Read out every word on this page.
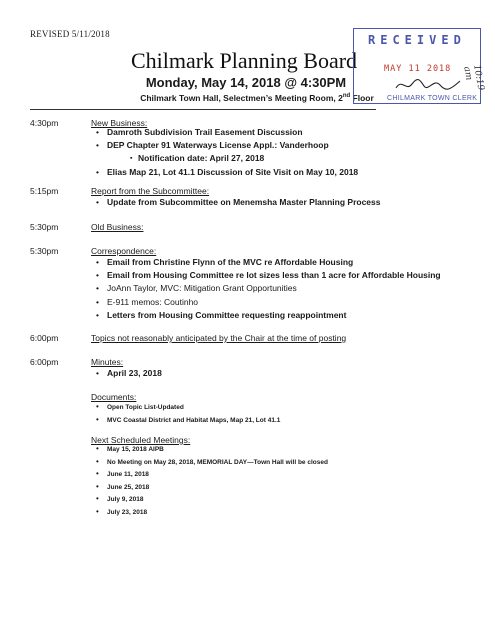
REVISED 5/11/2018
Chilmark Planning Board
Monday, May 14, 2018 @ 4:30PM
Chilmark Town Hall, Selectmen’s Meeting Room, 2nd Floor
RECEIVED
MAY 11 2018
CHILMARK TOWN CLERK
10:19 am
4:30pm	New Business:
• Damroth Subdivision Trail Easement Discussion
• DEP Chapter 91 Waterways License Appl.: Vanderhoop
▪ Notification date: April 27, 2018
• Elias Map 21, Lot 41.1 Discussion of Site Visit on May 10, 2018
5:15pm	Report from the Subcommittee:
• Update from Subcommittee on Menemsha Master Planning Process
5:30pm	Old Business:
5:30pm	Correspondence:
• Email from Christine Flynn of the MVC re Affordable Housing
• Email from Housing Committee re lot sizes less than 1 acre for Affordable Housing
• JoAnn Taylor, MVC: Mitigation Grant Opportunities
• E-911 memos: Coutinho
• Letters from Housing Committee requesting reappointment
6:00pm	Topics not reasonably anticipated by the Chair at the time of posting
6:00pm	Minutes:
• April 23, 2018
Documents:
• Open Topic List-Updated
• MVC Coastal District and Habitat Maps, Map 21, Lot 41.1
Next Scheduled Meetings:
• May 15, 2018 AIPB
• No Meeting on May 28, 2018, MEMORIAL DAY—Town Hall will be closed
• June 11, 2018
• June 25, 2018
• July 9, 2018
• July 23, 2018
